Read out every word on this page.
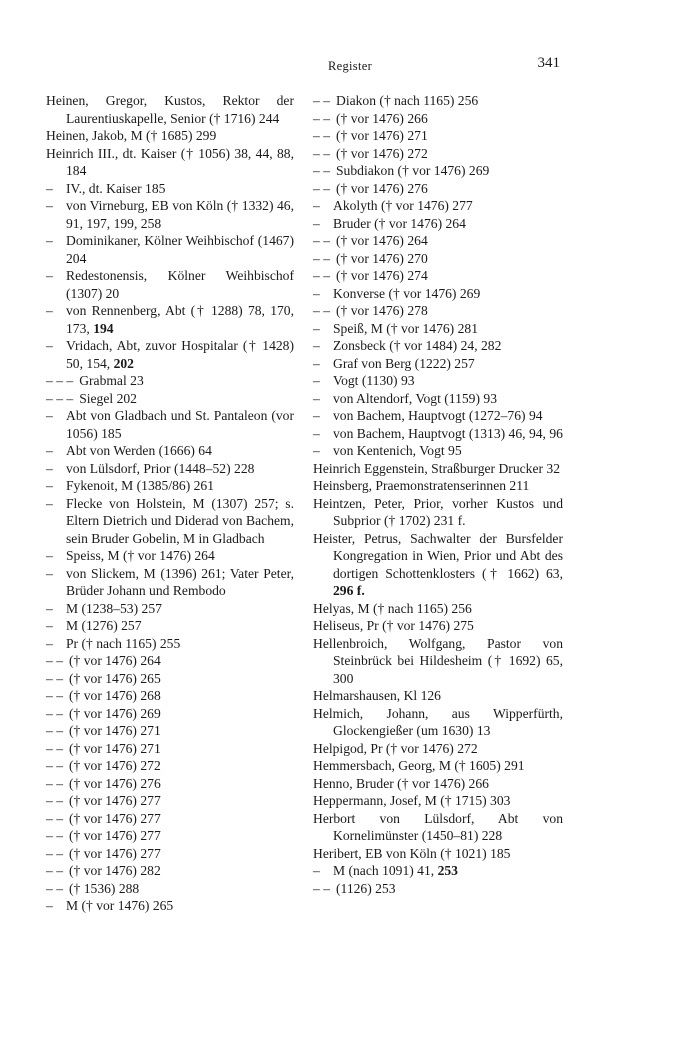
Register	341
Heinen, Gregor, Kustos, Rektor der Laurentiuskapelle, Senior († 1716) 244
Heinen, Jakob, M († 1685) 299
Heinrich III., dt. Kaiser († 1056) 38, 44, 88, 184
– IV., dt. Kaiser 185
– von Virneburg, EB von Köln († 1332) 46, 91, 197, 199, 258
– Dominikaner, Kölner Weihbischof (1467) 204
– Redestonensis, Kölner Weihbischof (1307) 20
– von Rennenberg, Abt († 1288) 78, 170, 173, 194
– Vridach, Abt, zuvor Hospitalar († 1428) 50, 154, 202
– – – Grabmal 23
– – – Siegel 202
– Abt von Gladbach und St. Pantaleon (vor 1056) 185
– Abt von Werden (1666) 64
– von Lülsdorf, Prior (1448–52) 228
– Fykenoit, M (1385/86) 261
– Flecke von Holstein, M (1307) 257; s. Eltern Dietrich und Diderad von Bachem, sein Bruder Gobelin, M in Gladbach
– Speiss, M († vor 1476) 264
– von Slickem, M (1396) 261; Vater Peter, Brüder Johann und Rembodo
– M (1238–53) 257
– M (1276) 257
– Pr († nach 1165) 255
– – († vor 1476) 264
– – († vor 1476) 265
– – († vor 1476) 268
– – († vor 1476) 269
– – († vor 1476) 271
– – († vor 1476) 271
– – († vor 1476) 272
– – († vor 1476) 276
– – († vor 1476) 277
– – († vor 1476) 277
– – († vor 1476) 277
– – († vor 1476) 277
– – († vor 1476) 282
– – († 1536) 288
– M († vor 1476) 265
– – Diakon († nach 1165) 256
– – († vor 1476) 266
– – († vor 1476) 271
– – († vor 1476) 272
– – Subdiakon († vor 1476) 269
– – († vor 1476) 276
– Akolyth († vor 1476) 277
– Bruder († vor 1476) 264
– – († vor 1476) 264
– – († vor 1476) 270
– – († vor 1476) 274
– Konverse († vor 1476) 269
– – († vor 1476) 278
– Speiß, M († vor 1476) 281
– Zonsbeck († vor 1484) 24, 282
– Graf von Berg (1222) 257
– Vogt (1130) 93
– von Altendorf, Vogt (1159) 93
– von Bachem, Hauptvogt (1272–76) 94
– von Bachem, Hauptvogt (1313) 46, 94, 96
– von Kentenich, Vogt 95
Heinrich Eggenstein, Straßburger Drucker 32
Heinsberg, Praemonstratenserinnen 211
Heintzen, Peter, Prior, vorher Kustos und Subprior († 1702) 231 f.
Heister, Petrus, Sachwalter der Bursfelder Kongregation in Wien, Prior und Abt des dortigen Schottenklosters († 1662) 63, 296 f.
Helyas, M († nach 1165) 256
Heliseus, Pr († vor 1476) 275
Hellenbroich, Wolfgang, Pastor von Steinbrück bei Hildesheim († 1692) 65, 300
Helmarshausen, Kl 126
Helmich, Johann, aus Wipperfürth, Glockengießer (um 1630) 13
Helpigod, Pr († vor 1476) 272
Hemmersbach, Georg, M († 1605) 291
Henno, Bruder († vor 1476) 266
Heppermann, Josef, M († 1715) 303
Herbort von Lülsdorf, Abt von Kornelimünster (1450–81) 228
Heribert, EB von Köln († 1021) 185
– M (nach 1091) 41, 253
– – (1126) 253
